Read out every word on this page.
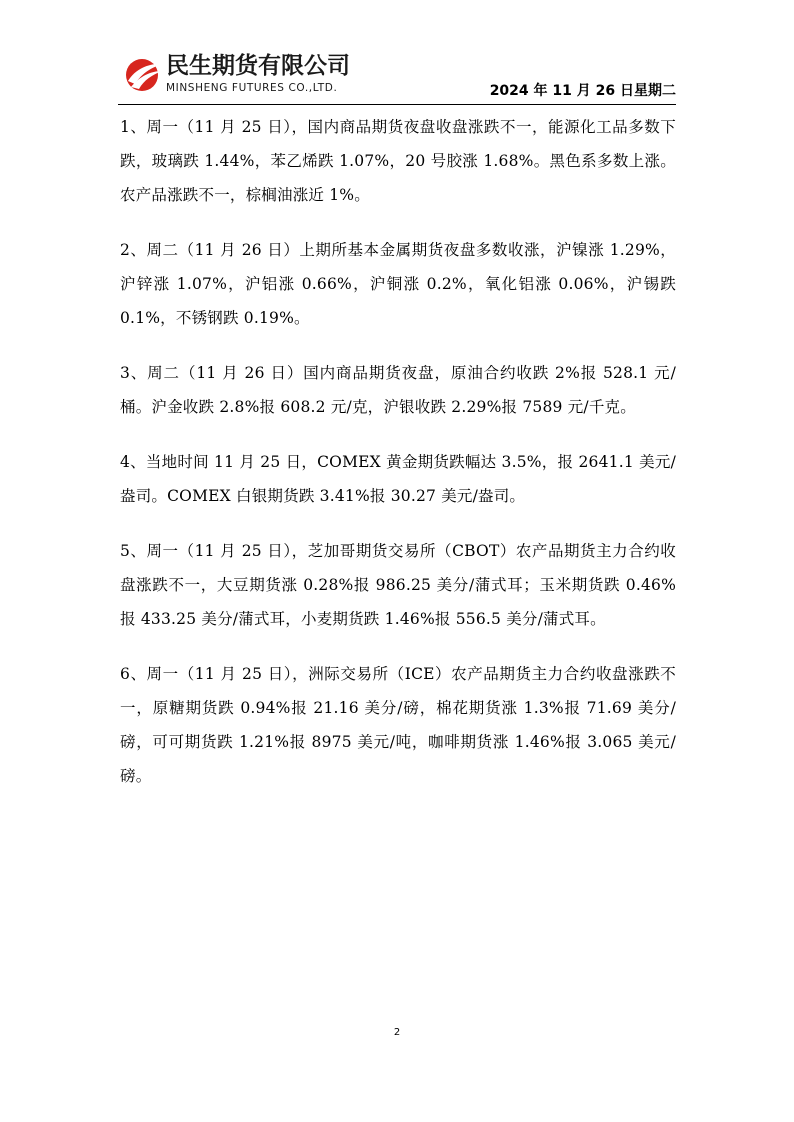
民生期货有限公司
MINSHENG FUTURES CO.,LTD.	2024 年 11 月 26 日星期二

1、周一（11 月 25 日），国内商品期货夜盘收盘涨跌不一，能源化工品多数下跌，玻璃跌 1.44%，苯乙烯跌 1.07%，20 号胶涨 1.68%。黑色系多数上涨。农产品涨跌不一，棕榈油涨近 1%。

2、周二（11 月 26 日）上期所基本金属期货夜盘多数收涨，沪镍涨 1.29%，沪锌涨 1.07%，沪铝涨 0.66%，沪铜涨 0.2%，氧化铝涨 0.06%，沪锡跌 0.1%，不锈钢跌 0.19%。

3、周二（11 月 26 日）国内商品期货夜盘，原油合约收跌 2%报 528.1 元/桶。沪金收跌 2.8%报 608.2 元/克，沪银收跌 2.29%报 7589 元/千克。

4、当地时间 11 月 25 日，COMEX 黄金期货跌幅达 3.5%，报 2641.1 美元/盎司。COMEX 白银期货跌 3.41%报 30.27 美元/盎司。

5、周一（11 月 25 日），芝加哥期货交易所（CBOT）农产品期货主力合约收盘涨跌不一，大豆期货涨 0.28%报 986.25 美分/蒲式耳；玉米期货跌 0.46%报 433.25 美分/蒲式耳，小麦期货跌 1.46%报 556.5 美分/蒲式耳。

6、周一（11 月 25 日），洲际交易所（ICE）农产品期货主力合约收盘涨跌不一，原糖期货跌 0.94%报 21.16 美分/磅，棉花期货涨 1.3%报 71.69 美分/磅，可可期货跌 1.21%报 8975 美元/吨，咖啡期货涨 1.46%报 3.065 美元/磅。

2
